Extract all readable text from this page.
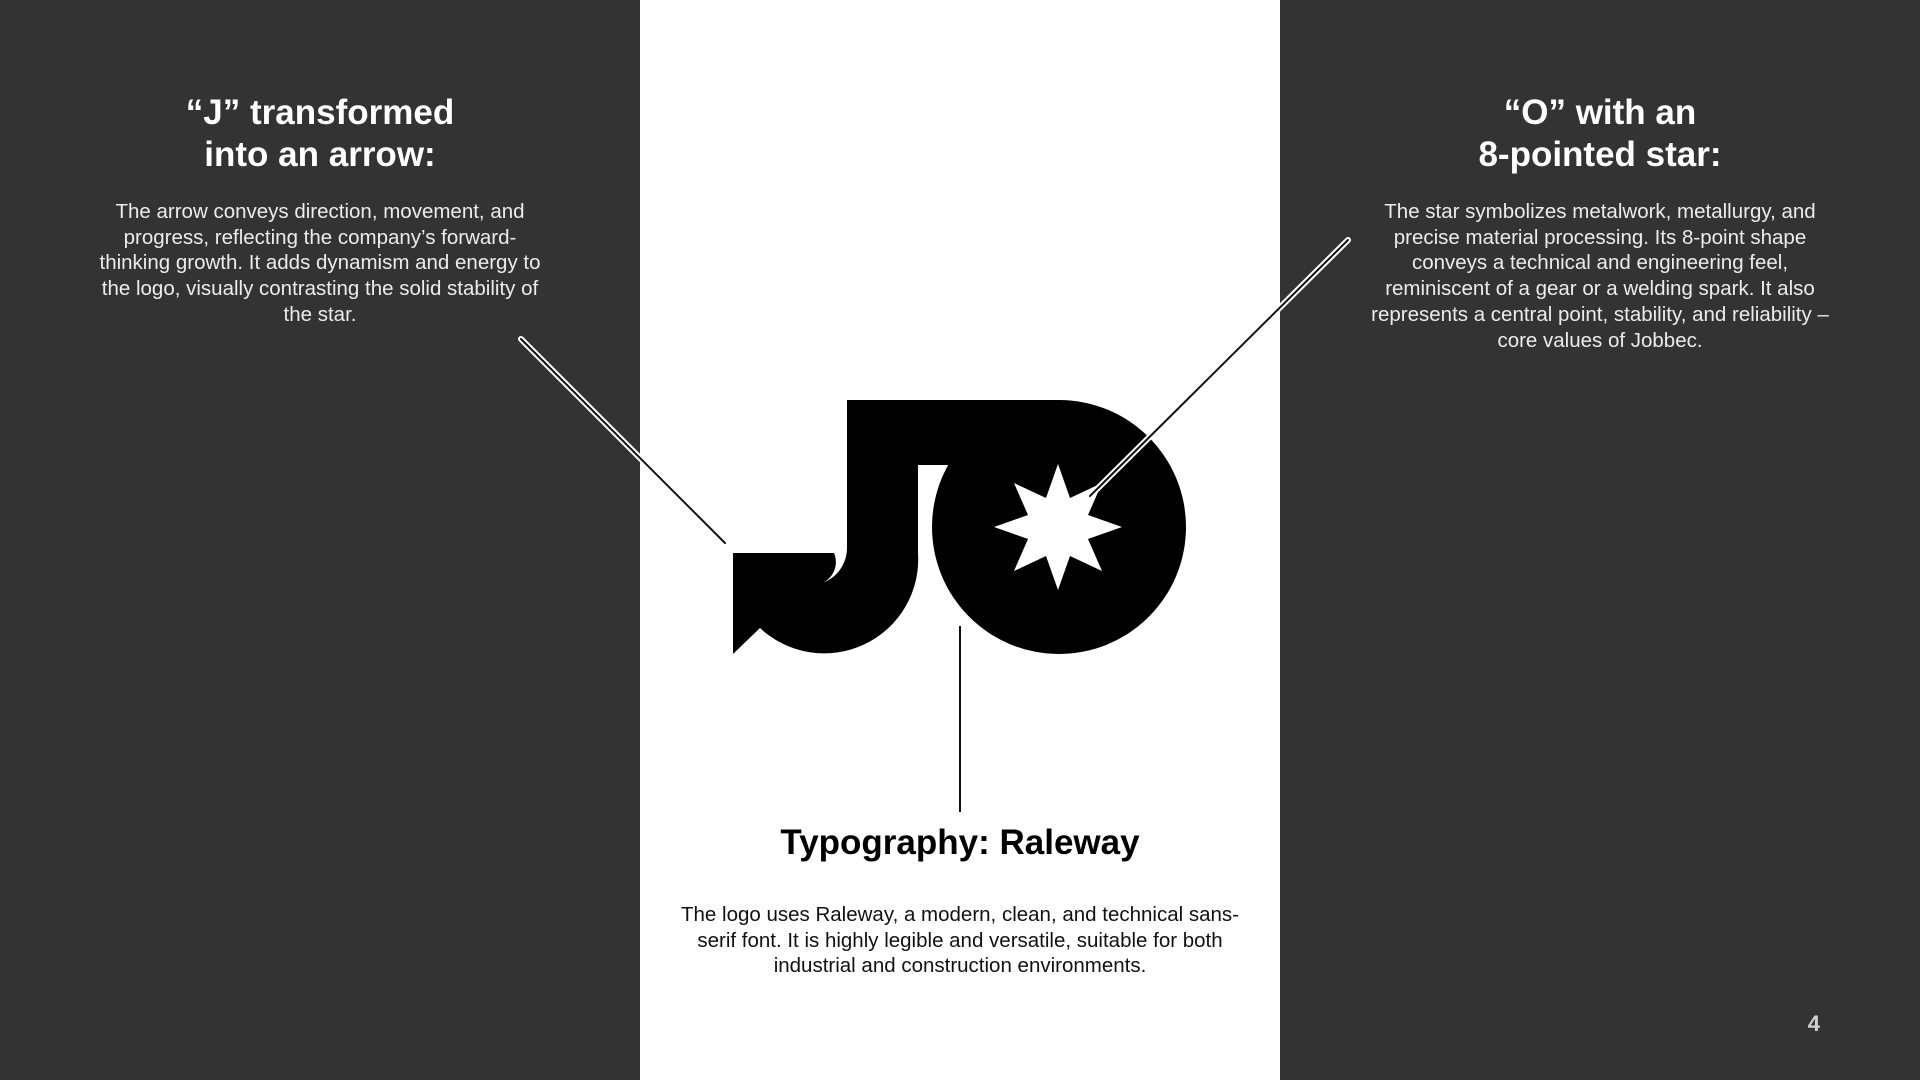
“J” transformed
into an arrow:

The arrow conveys direction, movement, and progress, reflecting the company’s forward-thinking growth. It adds dynamism and energy to the logo, visually contrasting the solid stability of the star.

“O” with an
8-pointed star:

The star symbolizes metalwork, metallurgy, and precise material processing. Its 8-point shape conveys a technical and engineering feel, reminiscent of a gear or a welding spark. It also represents a central point, stability, and reliability – core values of Jobbec.

Typography: Raleway

The logo uses Raleway, a modern, clean, and technical sans-serif font. It is highly legible and versatile, suitable for both industrial and construction environments.

4
